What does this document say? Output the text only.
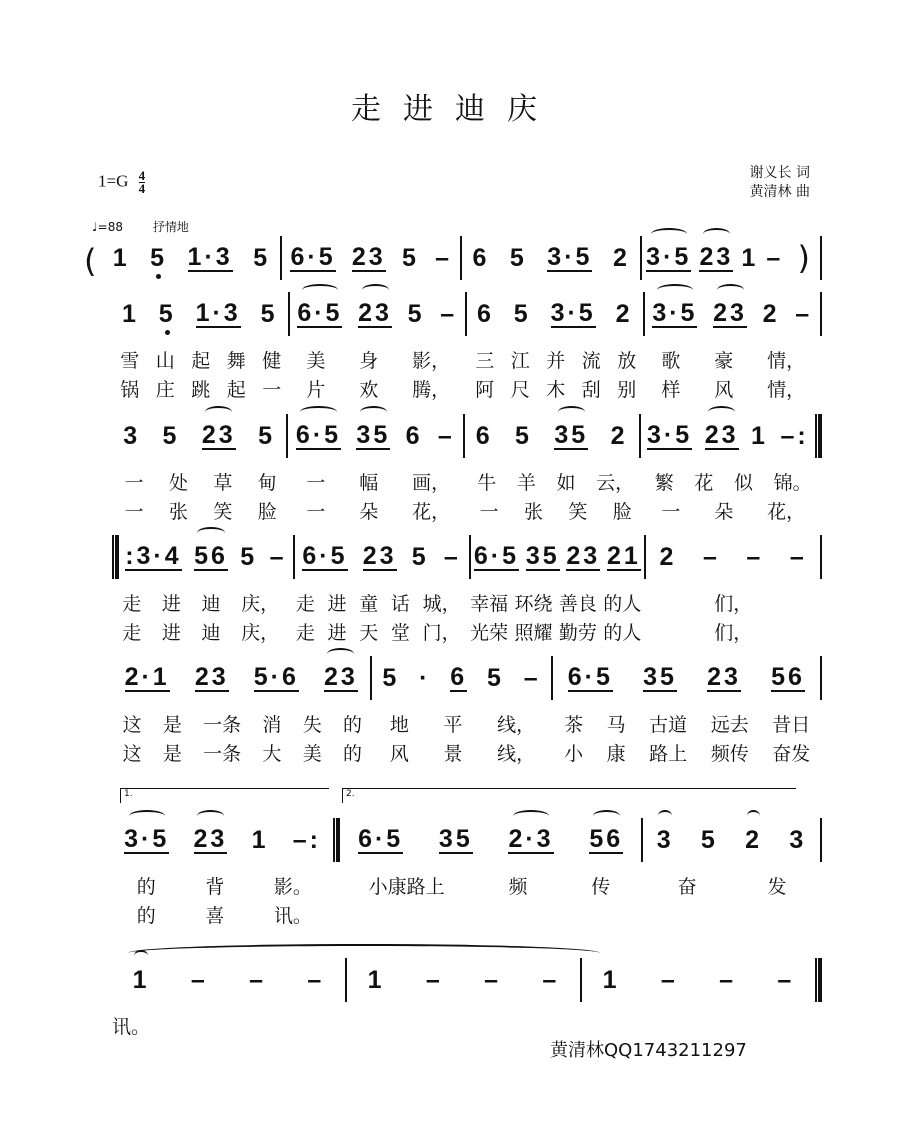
走进迪庆
$1=G \frac{4}{4}$	谢义长 词
黄清林 曲
♩=88 抒情地
( 1 5 1·3 5 6·5 23 5 – 6 5 3·5 2 3·5 23 1 – )
1 5 1·3 5 6·5 23 5 – 6 5 3·5 2 3·5 23 2 –
雪 山 起 舞 健 美 身 影， 三 江 并 流 放 歌 豪 情，
锅 庄 跳 起 一 片 欢 腾， 阿 尺 木 刮 别 样 风 情，
3 5 23 5 6·5 35 6 – 6 5 35 2 3·5 23 1 –:
一 处 草 甸 一 幅 画， 牛 羊 如 云， 繁 花 似 锦。
一 张 笑 脸 一 朵 花， 一 张 笑 脸 一 朵 花，
:3·4 56 5 – 6·5 23 5 – 6·5 35 23 21 2 – – –
走 进 迪 庆， 走 进 童 话 城， 幸福 环绕 善良 的人	们，
走 进 迪 庆， 走 进 天 堂 门， 光荣 照耀 勤劳 的人	们，
2·1 23 5·6 23 5 · 6 5 – 6·5 35 23 56
这 是 一条 消 失 的 地 平 线， 茶 马 古道 远去 昔日
这 是 一条 大 美 的 风 景 线， 小 康 路上 频传 奋发
3·5 23 1 –: 6·5 35 2·3 56 3 5 2 3
1.	2.
的	背	影。	小康路上	频	传	奋	发
的	喜	讯。
1 – – – 1 – – – 1 – – –
讯。
黄清林QQ1743211297
